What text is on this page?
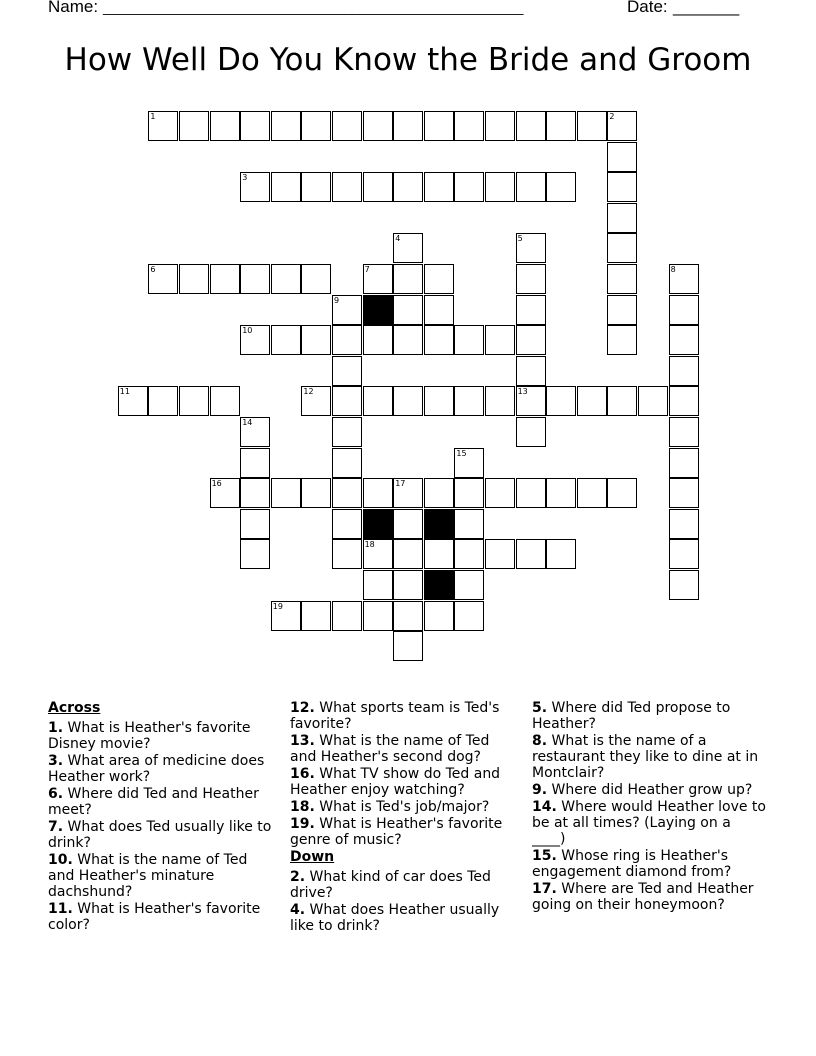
Name: ______________________________________________________	Date: _______
How Well Do You Know the Bride and Groom
1	2
3
4	5
13
6	7	8
9
10
11	12
14
15
16	17
18
19
Across
1. What is Heather's favorite Disney movie?
3. What area of medicine does Heather work?
6. Where did Ted and Heather meet?
7. What does Ted usually like to drink?
10. What is the name of Ted and Heather's minature dachshund?
11. What is Heather's favorite color?
12. What sports team is Ted's favorite?
13. What is the name of Ted and Heather's second dog?
16. What TV show do Ted and Heather enjoy watching?
18. What is Ted's job/major?
19. What is Heather's favorite genre of music?
Down
2. What kind of car does Ted drive?
4. What does Heather usually like to drink?
5. Where did Ted propose to Heather?
8. What is the name of a restaurant they like to dine at in Montclair?
9. Where did Heather grow up?
14. Where would Heather love to be at all times? (Laying on a ____)
15. Whose ring is Heather's engagement diamond from?
17. Where are Ted and Heather going on their honeymoon?
